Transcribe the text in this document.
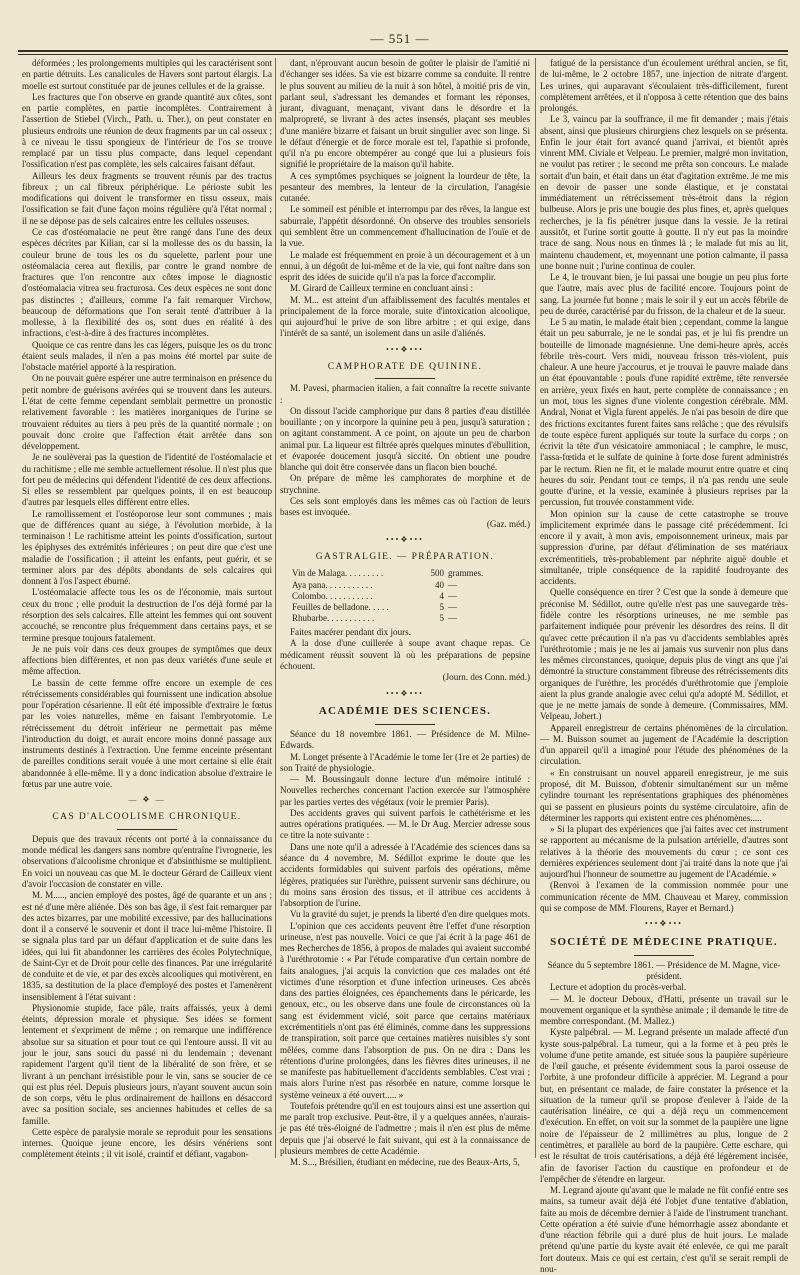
— 551 —

déformées ; les prolongements multiples qui les caractérisent sont en partie détruits. Les canalicules de Havers sont partout élargis. La moelle est surtout constituée par de jeunes cellules et de la graisse.

Les fractures que l'on observe en grande quantité aux côtes, sont en partie complètes, en partie incomplètes. Contrairement à l'assertion de Stiebel (Virch., Path. u. Ther.), on peut constater en plusieurs endroits une réunion de deux fragments par un cal osseux ; à ce niveau le tissu spongieux de l'intérieur de l'os se trouve remplacé par un tissu plus compacte, dans lequel cependant l'ossification n'est pas complète, les sels calcaires faisant défaut.

Ailleurs les deux fragments se trouvent réunis par des tractus fibreux ; un cal fibreux périphérique. Le périoste subit les modifications qui doivent le transformer en tissu osseux, mais l'ossification se fait d'une façon moins régulière qu'à l'état normal ; il ne se dépose pas de sels calcaires entre les cellules osseuses.

Ce cas d'ostéomalacie ne peut être rangé dans l'une des deux espèces décrites par Kilian, car si la mollesse des os du bassin, la couleur brune de tous les os du squelette, parlent pour une ostéomalacia cerea aut flexilis, par contre le grand nombre de fractures que l'on rencontre aux côtes impose le diagnostic d'ostéomalacia vitrea seu fracturosa. Ces deux espèces ne sont donc pas distinctes ; d'ailleurs, comme l'a fait remarquer Virchow, beaucoup de déformations que l'on serait tenté d'attribuer à la mollesse, à la flexibilité des os, sont dues en réalité à des infractions, c'est-à-dire à des fractures incomplètes.

Quoique ce cas rentre dans les cas légers, puisque les os du tronc étaient seuls malades, il n'en a pas moins été mortel par suite de l'obstacle matériel apporté à la respiration.

On ne pouvait guère espérer une autre terminaison en présence du petit nombre de guérisons avérées qui se trouvent dans les auteurs. L'état de cette femme cependant semblait permettre un pronostic relativement favorable : les matières inorganiques de l'urine se trouvaient réduites au tiers à peu près de la quantité normale ; on pouvait donc croire que l'affection était arrêtée dans son développement.

Je ne soulèverai pas la question de l'identité de l'ostéomalacie et du rachitisme ; elle me semble actuellement résolue. Il n'est plus que fort peu de médecins qui défendent l'identité de ces deux affections. Si elles se ressemblent par quelques points, il en est beaucoup d'autres par lesquels elles diffèrent entre elles.

Le ramollissement et l'ostéoporose leur sont communes ; mais que de différences quant au siége, à l'évolution morbide, à la terminaison ! Le rachitisme atteint les points d'ossification, surtout les épiphyses des extrémités inférieures ; on peut dire que c'est une maladie de l'ossification ; il atteint les enfants, peut guérir, et se terminer alors par des dépôts abondants de sels calcaires qui donnent à l'os l'aspect éburné.

L'ostéomalacie affecte tous les os de l'économie, mais surtout ceux du tronc ; elle produit la destruction de l'os déjà formé par la résorption des sels calcaires. Elle atteint les femmes qui ont souvent accouché, se rencontre plus fréquemment dans certains pays, et se termine presque toujours fatalement.

Je ne puis voir dans ces deux groupes de symptômes que deux affections bien différentes, et non pas deux variétés d'une seule et même affection.

Le bassin de cette femme offre encore un exemple de ces rétrécissements considérables qui fournissent une indication absolue pour l'opération césarienne. Il eût été impossible d'extraire le fœtus par les voies naturelles, même en faisant l'embryotomie. Le rétrécissement du détroit inférieur ne permettait pas même l'introduction du doigt, et aurait encore moins donné passage aux instruments destinés à l'extraction. Une femme enceinte présentant de pareilles conditions serait vouée à une mort certaine si elle était abandonnée à elle-même. Il y a donc indication absolue d'extraire le fœtus par une autre voie.

— ❖ —

CAS D'ALCOOLISME CHRONIQUE.

Depuis que des travaux récents ont porté à la connaissance du monde médical les dangers sans nombre qu'entraîne l'ivrognerie, les observations d'alcoolisme chronique et d'absinthisme se multiplient. En voici un nouveau cas que M. le docteur Gérard de Cailleux vient d'avoir l'occasion de constater en ville.

M. M....., ancien employé des postes, âgé de quarante et un ans ; est né d'une mère aliénée. Dès son bas âge, il s'est fait remarquer par des actes bizarres, par une mobilité excessive, par des hallucinations dont il a conservé le souvenir et dont il trace lui-même l'histoire. Il se signala plus tard par un défaut d'application et de suite dans les idées, qui lui fit abandonner les carrières des écoles Polytechnique, de Saint-Cyr et de Droit pour celle des finances. Par une irrégularité de conduite et de vie, et par des excès alcooliques qui motivèrent, en 1835, sa destitution de la place d'employé des postes et l'amenèrent insensiblement à l'état suivant :

Physionomie stupide, face pâle, traits affaissés, yeux à demi éteints, dépression morale et physique. Ses idées se forment lentement et s'expriment de même ; on remarque une indifférence absolue sur sa situation et pour tout ce qui l'entoure aussi. Il vit au jour le jour, sans souci du passé ni du lendemain ; devenant rapidement l'argent qu'il tient de la libéralité de son frère, et se livrant à un penchant irrésistible pour le vin, sans se soucier de ce qui est plus réel. Depuis plusieurs jours, n'ayant souvent aucun soin de son corps, vêtu le plus ordinairement de haillons en désaccord avec sa position sociale, ses anciennes habitudes et celles de sa famille.

Cette espèce de paralysie morale se reproduit pour les sensations internes. Quoique jeune encore, les désirs vénériens sont complètement éteints ; il vit isolé, craintif et défiant, vagabon-

dant, n'éprouvant aucun besoin de goûter le plaisir de l'amitié ni d'échanger ses idées. Sa vie est bizarre comme sa conduite. Il rentre le plus souvent au milieu de la nuit à son hôtel, à moitié pris de vin, parlant seul, s'adressant les demandes et formant les réponses, jurant, divaguant, menaçant, vivant dans le désordre et la malpropreté, se livrant à des actes insensés, plaçant ses meubles d'une manière bizarre et faisant un bruit singulier avec son linge. Si le défaut d'énergie et de force morale est tel, l'apathie si profonde, qu'il n'a pu encore obtempérer au congé que lui a plusieurs fois signifié le propriétaire de la maison qu'il habite.

A ces symptômes psychiques se joignent la lourdeur de tête, la pesanteur des membres, la lenteur de la circulation, l'anagésie cutanée.

Le sommeil est pénible et interrompu par des rêves, la langue est saburrale, l'appétit désordonné. On observe des troubles sensoriels qui semblent être un commencement d'hallucination de l'ouïe et de la vue.

Le malade est fréquemment en proie à un découragement et à un ennui, à un dégoût de lui-même et de la vie, qui font naître dans son esprit des idées de suicide qu'il n'a pas la force d'accomplir.

M. Girard de Cailleux termine en concluant ainsi :

M. M... est atteint d'un affaiblissement des facultés mentales et principalement de la force morale, suite d'intoxication alcoolique, qui aujourd'hui le prive de son libre arbitre ; et qui exige, dans l'intérêt de sa santé, un isolement dans un asile d'aliénés.

•••❖•••

CAMPHORATE DE QUININE.

M. Pavesi, pharmacien italien, a fait connaître la recette suivante :

On dissout l'acide camphorique pur dans 8 parties d'eau distillée bouillante ; on y incorpore la quinine peu à peu, jusqu'à saturation ; on agitant constamment. A ce point, on ajoute un peu de charbon animal pur. La liqueur est filtrée après quelques minutes d'ébullition, et évaporée doucement jusqu'à siccité. On obtient une poudre blanche qui doit être conservée dans un flacon bien bouché.

On prépare de même les camphorates de morphine et de strychnine.

Ces sels sont employés dans les mêmes cas où l'action de leurs bases est invoquée.

(Gaz. méd.)

•••❖•••

GASTRALGIE. — PRÉPARATION.

Vin de Malaga. . . . . . . . .	500	grammes.
Aya pana. . . . . . . . . . .	40	—
Colombo. . . . . . . . . . .	4	—
Feuilles de belladone. . . . .	5	—
Rhubarbe. . . . . . . . . . .	5	—

Faites macérer pendant dix jours.

A la dose d'une cuillerée à soupe avant chaque repas. Ce médicament réussit souvent là où les préparations de pepsine échouent.

(Journ. des Conn. méd.)

•••❖•••

ACADÉMIE DES SCIENCES.

Séance du 18 novembre 1861. — Présidence de M. Milne-Edwards.

M. Longet présente à l'Académie le tome Ier (1re et 2e parties) de son Traité de physiologie.

— M. Boussingault donne lecture d'un mémoire intitulé : Nouvelles recherches concernant l'action exercée sur l'atmosphère par les parties vertes des végétaux (voir le premier Paris).

Des accidents graves qui suivent parfois le cathétérisme et les autres opérations pratiquées. — M. le Dr Aug. Mercier adresse sous ce titre la note suivante :

Dans une note qu'il a adressée à l'Académie des sciences dans sa séance du 4 novembre, M. Sédillot exprime le doute que les accidents formidables qui suivent parfois des opérations, même légères, pratiquées sur l'urèthre, puissent survenir sans déchirure, ou du moins sans érosion des tissus, et il attribue ces accidents à l'absorption de l'urine.

Vu la gravité du sujet, je prends la liberté d'en dire quelques mots.

L'opinion que ces accidents peuvent être l'effet d'une résorption urineuse, n'est pas nouvelle. Voici ce que j'ai écrit à la page 461 de mes Recherches de 1856, à propos de malades qui avaient succombé à l'uréthrotomie : « Par l'étude comparative d'un certain nombre de faits analogues, j'ai acquis la conviction que ces malades ont été victimes d'une résorption et d'une infection urineuses. Ces abcès dans des parties éloignées, ces épanchements dans le péricarde, les genoux, etc., ou les observe dans une foule de circonstances où la sang est évidemment vicié, soit parce que certains matériaux excrémentitiels n'ont pas été éliminés, comme dans les suppressions de transpiration, soit parce que certaines matières nuisibles s'y sont mêlées, comme dans l'absorption de pus. On ne dira : Dans les rétentions d'urine prolongées, dans les fièvres dites urineuses, il ne se manifeste pas habituellement d'accidents semblables. C'est vrai ; mais alors l'urine n'est pas résorbée en nature, comme lorsque le système veineux a été ouvert..... »

Toutefois prétendre qu'il en est toujours ainsi est une assertion qui me paraît trop exclusive. Peut-être, il y a quelques années, n'aurais-je pas été très-éloigné de l'admettre ; mais il n'en est plus de même depuis que j'ai observé le fait suivant, qui est à la connaissance de plusieurs membres de cette Académie.

M. S..., Brésilien, étudiant en médecine, rue des Beaux-Arts, 5,

fatigué de la persistance d'un écoulement uréthral ancien, se fit, de lui-même, le 2 octobre 1857, une injection de nitrate d'argent. Les urines, qui auparavant s'écoulaient très-difficilement, furent complètement arrêtées, et il n'opposa à cette rétention que des bains prolongés.

Le 3, vaincu par la souffrance, il me fit demander ; mais j'étais absent, ainsi que plusieurs chirurgiens chez lesquels on se présenta. Enfin le jour était fort avancé quand j'arrivai, et bientôt après vinrent MM. Civiale et Velpeau. Le premier, malgré mon invitation, ne voulut pas retirer ; le second me prêta son concours. Le malade sortait d'un bain, et était dans un état d'agitation extrême. Je me mis en devoir de passer une sonde élastique, et je constatai immédiatement un rétrécissement très-étroit dans la région bulbeuse. Alors je pris une bougie des plus fines, et, après quelques recherches, je la fis pénétrer jusque dans la vessie. Je la retirai aussitôt, et l'urine sortit goutte à goutte. Il n'y eut pas la moindre trace de sang. Nous nous en tînmes là ; le malade fut mis au lit, maintenu chaudement, et, moyennant une potion calmante, il passa une bonne nuit ; l'urine continua de couler.

Le 4, le trouvant bien, je lui passai une bougie un peu plus forte que l'autre, mais avec plus de facilité encore. Toujours point de sang. La journée fut bonne ; mais le soir il y eut un accès fébrile de peu de durée, caractérisé par du frisson, de la chaleur et de la sueur.

Le 5 au matin, le malade était bien ; cependant, comme la langue était un peu saburrale, je ne le sondai pas, et je lui fis prendre un bouteille de limonade magnésienne. Une demi-heure après, accès fébrile très-court. Vers midi, nouveau frisson très-violent, puis chaleur. A une heure j'accourus, et je trouvai le pauvre malade dans un état épouvantable : pouls d'une rapidité extrême, tête renversée en arrière, yeux fixés en haut, perte complète de connaissance ; en un mot, tous les signes d'une violente congestion cérébrale. MM. Andral, Nonat et Vigla furent appelés. Je n'ai pas besoin de dire que des frictions excitantes furent faites sans relâche ; que des révulsifs de toute espèce furent appliqués sur toute la surface du corps ; on écrivit la tête d'un vésicatoire ammoniacal ; le camphre, le musc, l'assa-fœtida et le sulfate de quinine à forte dose furent administrés par le rectum. Rien ne fit, et le malade mourut entre quatre et cinq heures du soir. Pendant tout ce temps, il n'a pas rendu une seule goutte d'urine, et la vessie, examinée à plusieurs reprises par la percussion, fut trouvée constamment vide.

Mon opinion sur la cause de cette catastrophe se trouve implicitement exprimée dans le passage cité précédemment. Ici encore il y avait, à mon avis, empoisonnement urineux, mais par suppression d'urine, par défaut d'élimination de ses matériaux excrémentitiels, très-probablement par néphrite aiguë double et simultanée, triple conséquence de la rapidité foudroyante des accidents.

Quelle conséquence en tirer ? C'est que la sonde à demeure que préconise M. Sédillot, outre qu'elle n'est pas une sauvegarde très-fidèle contre les résorptions urineuses, ne me semble pas parfaitement indiquée pour prévenir les désordres des reins. Il dit qu'avec cette précaution il n'a pas vu d'accidents semblables après l'uréthrotomie ; mais je ne les ai jamais vus survenir non plus dans les mêmes circonstances, quoique, depuis plus de vingt ans que j'ai démontré la structure constamment fibreuse des rétrécissements dits organiques de l'urèthre, les procédés d'uréthrotomie que j'emploie aient la plus grande analogie avec celui qu'a adopté M. Sédillot, et que je ne mette jamais de sonde à demeure. (Commissaires, MM. Velpeau, Jobert.)

Appareil enregistreur de certains phénomènes de la circulation. — M. Buisson soumet au jugement de l'Académie la description d'un appareil qu'il a imaginé pour l'étude des phénomènes de la circulation.

« En construisant un nouvel appareil enregistreur, je me suis proposé, dit M. Buisson, d'obtenir simultanément sur un même cylindre tournant les représentations graphiques des phénomènes qui se passent en plusieurs points du système circulatoire, afin de déterminer les rapports qui existent entre ces phénomènes.....

» Si la plupart des expériences que j'ai faites avec cet instrument se rapportent au mécanisme de la pulsation artérielle, d'autres sont relatives à la théorie des mouvements du cœur ; ce sont ces dernières expériences seulement dont j'ai traité dans la note que j'ai aujourd'hui l'honneur de soumettre au jugement de l'Académie. »

(Renvoi à l'examen de la commission nommée pour une communication récente de MM. Chauveau et Marey, commission qui se compose de MM. Flourens, Rayer et Bernard.)

•••❖•••

SOCIÉTÉ DE MÉDECINE PRATIQUE.

Séance du 5 septembre 1861. — Présidence de M. Magne, vice-président.

Lecture et adoption du procès-verbal.

— M. le docteur Deboux, d'Hatti, présente un travail sur le mouvement organique et la synthèse animale ; il demande le titre de membre correspondant. (M. Mallez.)

Kyste palpébral. — M. Legrand présente un malade affecté d'un kyste sous-palpébral. La tumeur, qui a la forme et à peu près le volume d'une petite amande, est située sous la paupière supérieure de l'œil gauche, et présente évidemment sous la paroi osseuse de l'orbite, à une profondeur difficile à apprécier. M. Legrand a pour but, en présentant ce malade, de faire constater la présence et la situation de la tumeur qu'il se propose d'enlever à l'aide de la cautérisation linéaire, ce qui a déjà reçu un commencement d'exécution. En effet, on voit sur la sommet de la paupière une ligne noire de l'épaisseur de 2 millimètres au plus, longue de 2 centimètres, et parallèle au bord de la paupière. Cette eschare, qui est le résultat de trois cautérisations, a déjà été légèrement incisée, afin de favoriser l'action du caustique en profondeur et de l'empêcher de s'étendre en largeur.

M. Legrand ajoute qu'avant que le malade ne fût confié entre ses mains, sa tumeur avait déjà été l'objet d'une tentative d'ablation, faite au mois de décembre dernier à l'aide de l'instrument tranchant. Cette opération a été suivie d'une hémorrhagie assez abondante et d'une réaction fébrile qui a duré plus de huit jours. Le malade prétend qu'une partie du kyste avait été enlevée, ce qui me paraît fort douteux. Mais ce qui est certain, c'est qu'il se serait rempli de nou-
